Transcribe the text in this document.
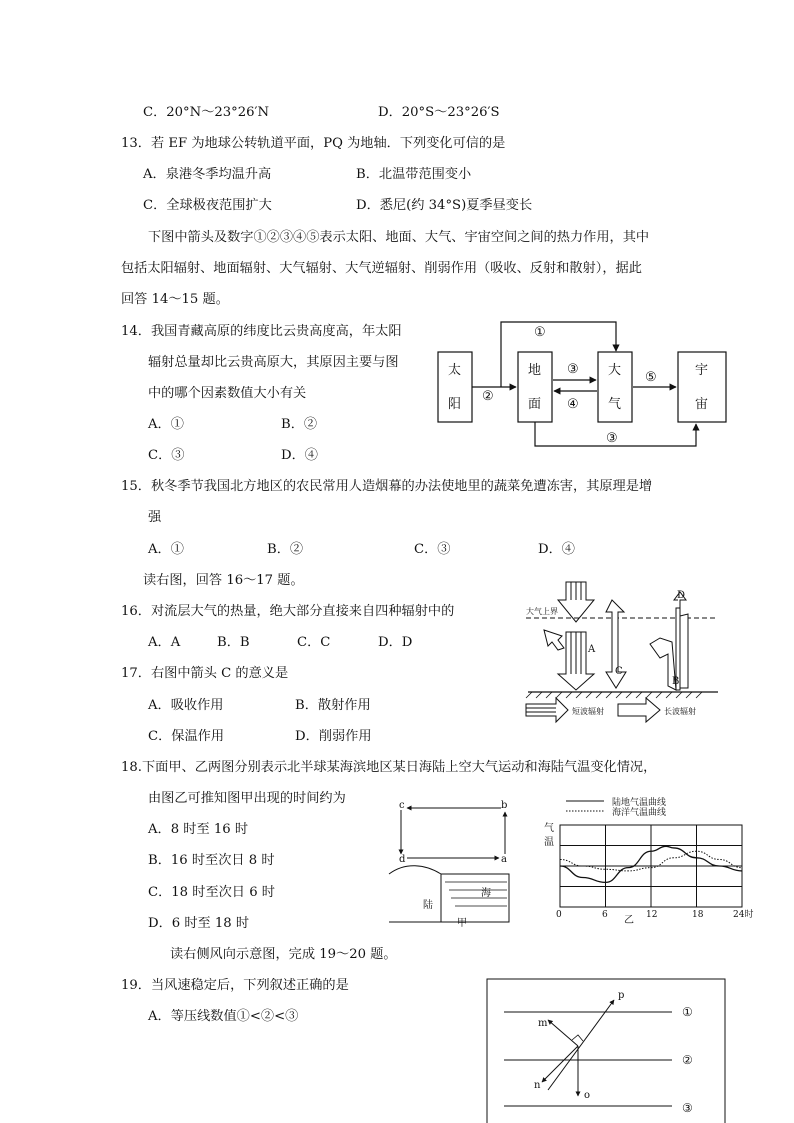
C．20°N～23°26′N	D．20°S～23°26′S
13．若 EF 为地球公转轨道平面，PQ 为地轴．下列变化可信的是
A．泉港冬季均温升高	B．北温带范围变小
C．全球极夜范围扩大	D．悉尼(约 34°S)夏季昼变长
下图中箭头及数字①②③④⑤表示太阳、地面、大气、宇宙空间之间的热力作用，其中
包括太阳辐射、地面辐射、大气辐射、大气逆辐射、削弱作用（吸收、反射和散射），据此
回答 14～15 题。
14．我国青藏高原的纬度比云贵高度高，年太阳
辐射总量却比云贵高原大，其原因主要与图
中的哪个因素数值大小有关
A．①	B．②
C．③	D．④
15．秋冬季节我国北方地区的农民常用人造烟幕的办法使地里的蔬菜免遭冻害，其原理是增
强
A．①	B．②	C．③	D．④
读右图，回答 16～17 题。
16．对流层大气的热量，绝大部分直接来自四种辐射中的
A．A	B．B	C．C	D．D
17．右图中箭头 C 的意义是
A．吸收作用	B．散射作用
C．保温作用	D．削弱作用
18.下面甲、乙两图分别表示北半球某海滨地区某日海陆上空大气运动和海陆气温变化情况，
由图乙可推知图甲出现的时间约为
A．8 时至 16 时
B．16 时至次日 8 时
C．18 时至次日 6 时
D．6 时至 18 时
读右侧风向示意图，完成 19～20 题。
19．当风速稳定后，下列叙述正确的是
A．等压线数值①<②<③
太
阳
地
面
大
气
宇
宙
①
②
③
④
⑤
③
大气上界
短波辐射	长波辐射
A
B
C
D
c	b
d	a
陆
海
甲
陆地气温曲线
海洋气温曲线
气
温
0	6	12	18	24时
乙
p
m
n
o
①
②
③
